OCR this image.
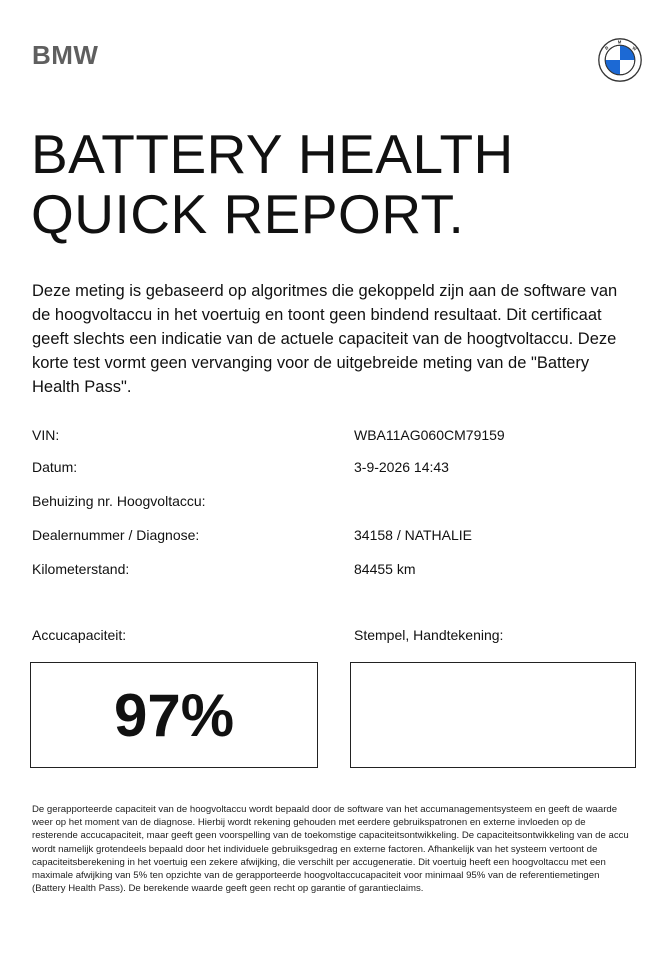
BMW	B
M
W
BATTERY HEALTH
QUICK REPORT.
Deze meting is gebaseerd op algoritmes die gekoppeld zijn aan de software van de hoogvoltaccu in het voertuig en toont geen bindend resultaat. Dit certificaat geeft slechts een indicatie van de actuele capaciteit van de hoogtvoltaccu. Deze korte test vormt geen vervanging voor de uitgebreide meting van de "Battery Health Pass".
VIN:	WBA11AG060CM79159
Datum:	3-9-2026 14:43
Behuizing nr. Hoogvoltaccu:
Dealernummer / Diagnose:	34158 / NATHALIE
Kilometerstand:	84455 km
Accucapaciteit:	Stempel, Handtekening:
97%
De gerapporteerde capaciteit van de hoogvoltaccu wordt bepaald door de software van het accumanagementsysteem en geeft de waarde weer op het moment van de diagnose. Hierbij wordt rekening gehouden met eerdere gebruikspatronen en externe invloeden op de resterende accucapaciteit, maar geeft geen voorspelling van de toekomstige capaciteitsontwikkeling. De capaciteitsontwikkeling van de accu wordt namelijk grotendeels bepaald door het individuele gebruiksgedrag en externe factoren. Afhankelijk van het systeem vertoont de capaciteitsberekening in het voertuig een zekere afwijking, die verschilt per accugeneratie. Dit voertuig heeft een hoogvoltaccu met een maximale afwijking van 5% ten opzichte van de gerapporteerde hoogvoltaccucapaciteit voor minimaal 95% van de referentiemetingen (Battery Health Pass). De berekende waarde geeft geen recht op garantie of garantieclaims.
